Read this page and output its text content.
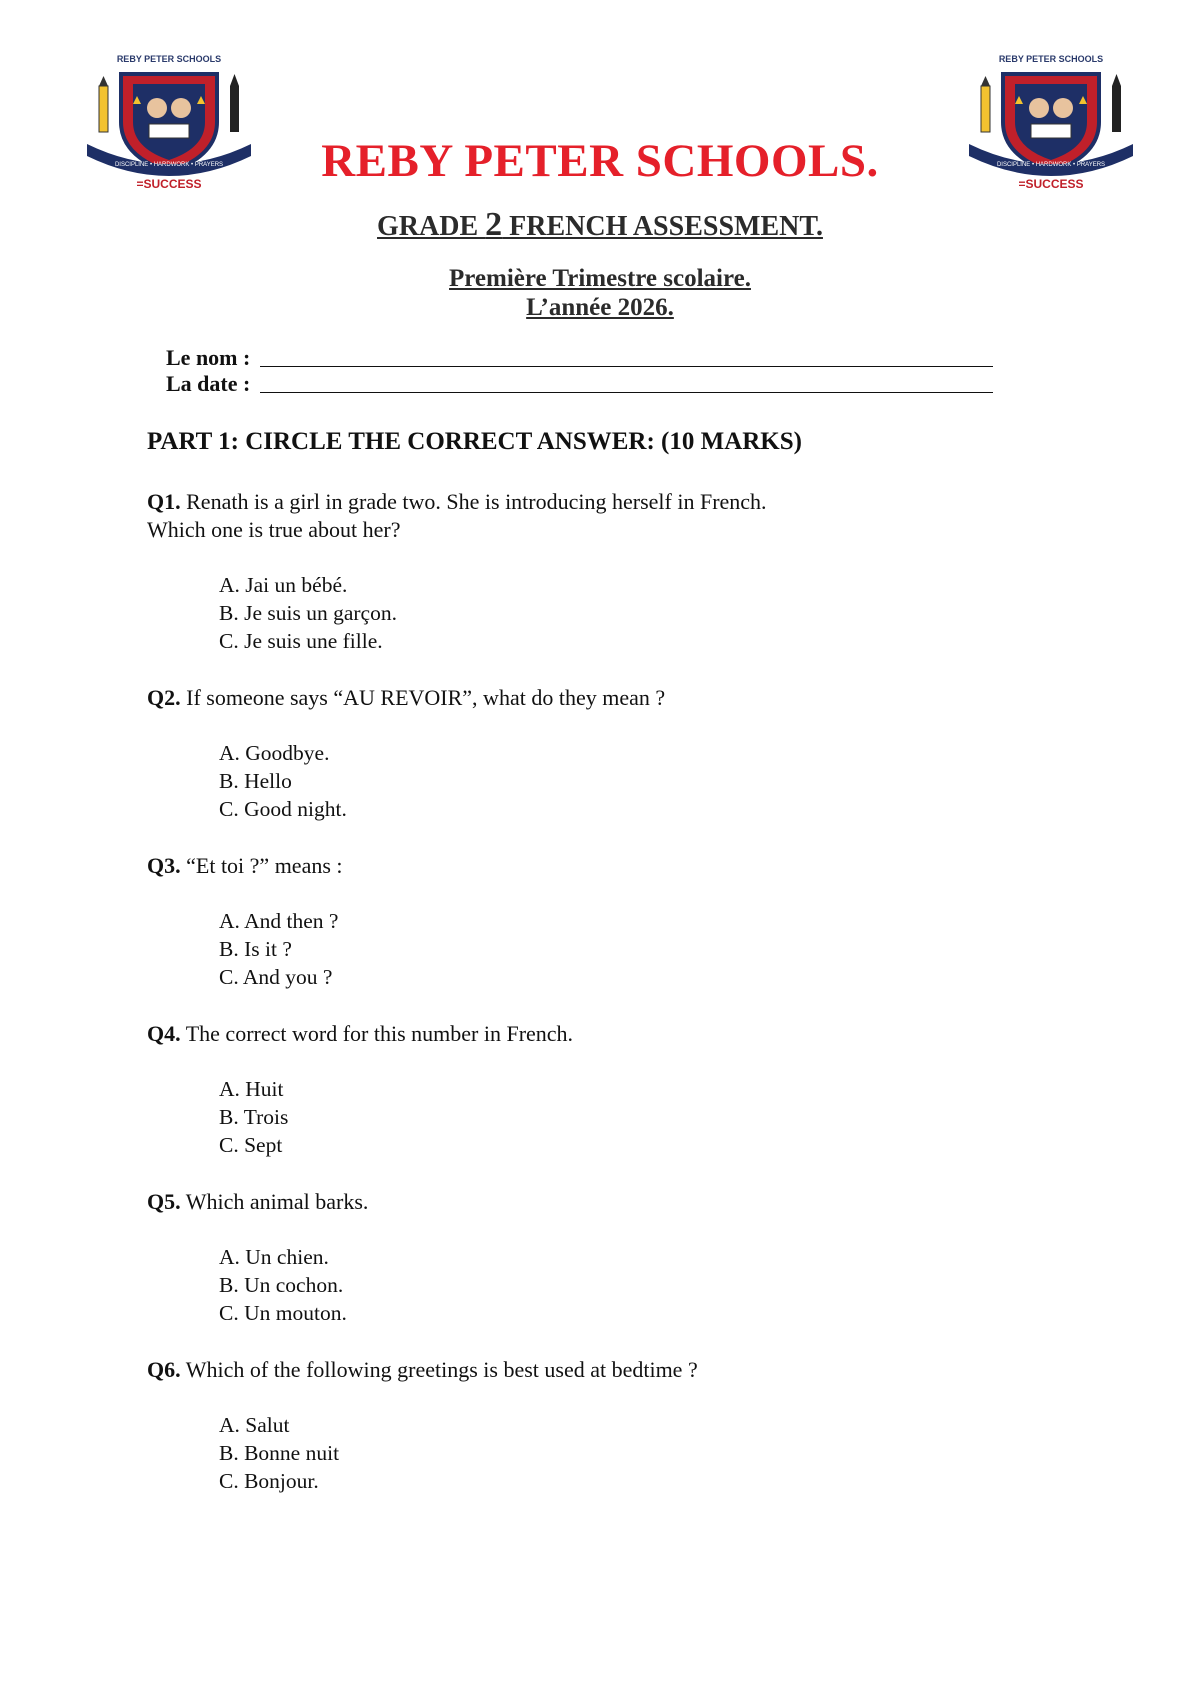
REBY PETER SCHOOLS
DISCIPLINE • HARDWORK • PRAYERS
=SUCCESS
REBY PETER SCHOOLS
DISCIPLINE • HARDWORK • PRAYERS
=SUCCESS
REBY PETER SCHOOLS.
GRADE 2 FRENCH ASSESSMENT.
Première Trimestre scolaire.
L’année 2026.
Le nom :
La date :
PART 1: CIRCLE THE CORRECT ANSWER: (10 MARKS)
Q1. Renath is a girl in grade two. She is introducing herself in French.
Which one is true about her?
A. Jai un bébé.
B. Je suis un garçon.
C. Je suis une fille.
Q2. If someone says “AU REVOIR”, what do they mean ?
A. Goodbye.
B. Hello
C. Good night.
Q3. “Et toi ?” means :
A. And then ?
B. Is it ?
C. And you ?
Q4. The correct word for this number in French.
A. Huit
B. Trois
C. Sept
Q5. Which animal barks.
A. Un chien.
B. Un cochon.
C. Un mouton.
Q6. Which of the following greetings is best used at bedtime ?
A. Salut
B. Bonne nuit
C. Bonjour.
